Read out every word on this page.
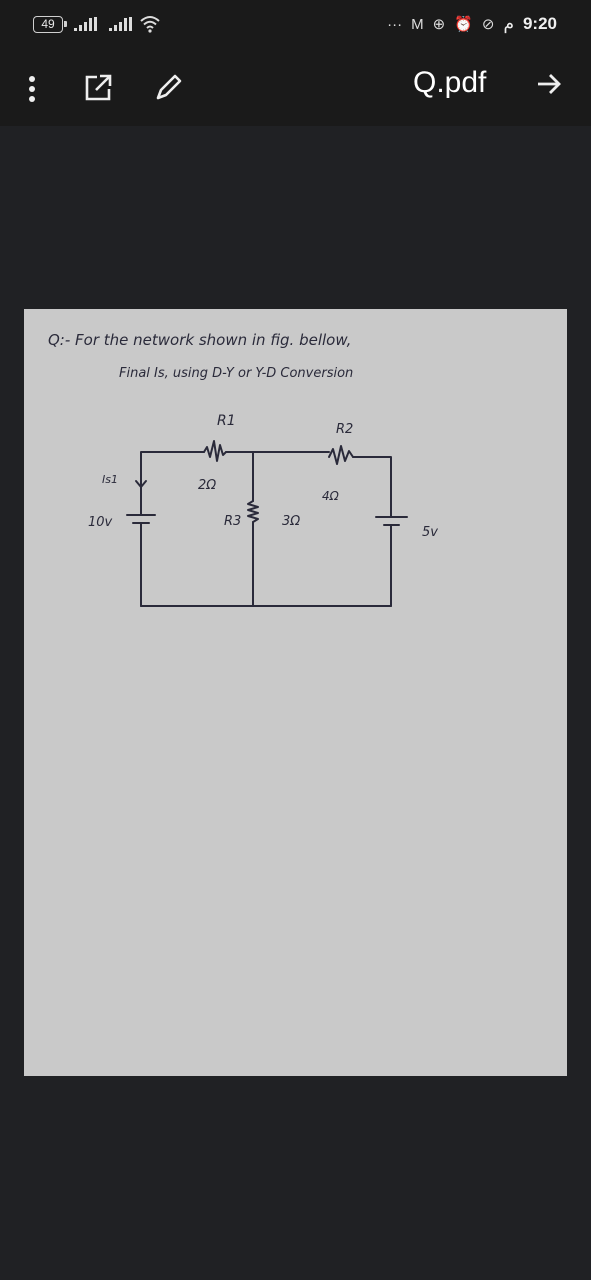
49	··· M ⊕ ⏰ ⊘ م 9:20
Q.pdf
Q:- For the network shown in fig. bellow,
Final Is, using D-Y or Y-D Conversion
R1
R2
2Ω
4Ω
R3	3Ω
Is1
10v
5v
